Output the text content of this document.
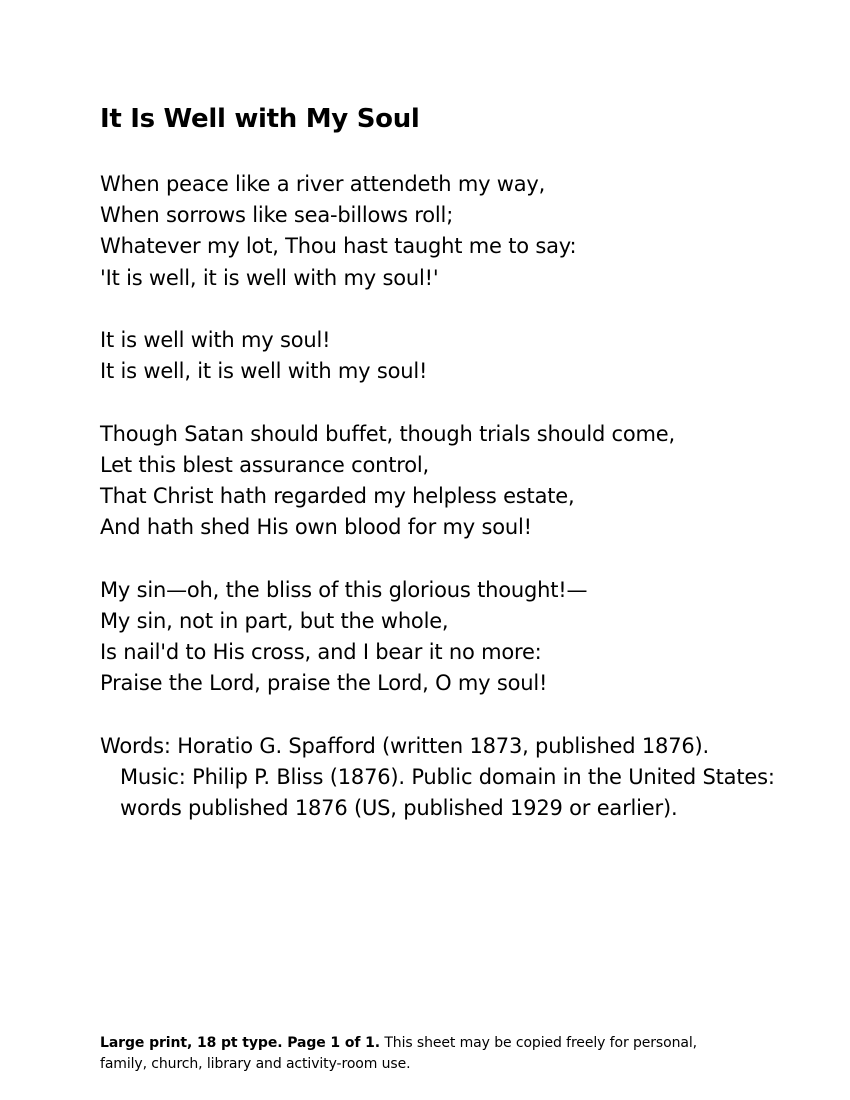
It Is Well with My Soul
When peace like a river attendeth my way,
When sorrows like sea-billows roll;
Whatever my lot, Thou hast taught me to say:
'It is well, it is well with my soul!'
It is well with my soul!
It is well, it is well with my soul!
Though Satan should buffet, though trials should come,
Let this blest assurance control,
That Christ hath regarded my helpless estate,
And hath shed His own blood for my soul!
My sin—oh, the bliss of this glorious thought!—
My sin, not in part, but the whole,
Is nail'd to His cross, and I bear it no more:
Praise the Lord, praise the Lord, O my soul!

Words: Horatio G. Spafford (written 1873, published 1876). Music: Philip P. Bliss (1876). Public domain in the United States: words published 1876 (US, published 1929 or earlier).

Large print, 18 pt type. Page 1 of 1. This sheet may be copied freely for personal, family, church, library and activity-room use.
